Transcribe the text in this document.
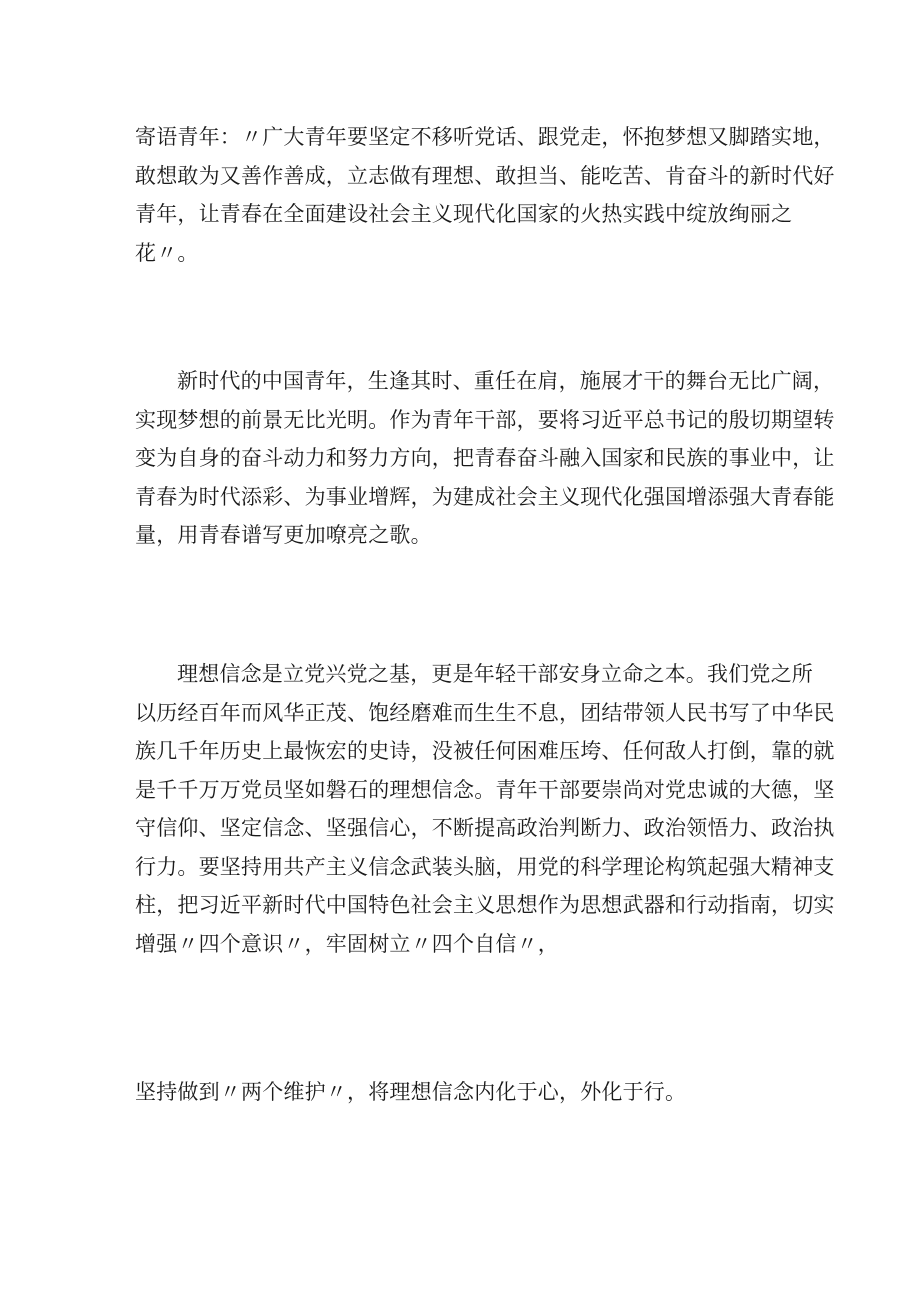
寄语青年：〃广大青年要坚定不移听党话、跟党走，怀抱梦想又脚踏实地，
敢想敢为又善作善成，立志做有理想、敢担当、能吃苦、肯奋斗的新时代好
青年，让青春在全面建设社会主义现代化国家的火热实践中绽放绚丽之
花〃。

新时代的中国青年，生逢其时、重任在肩，施展才干的舞台无比广阔，
实现梦想的前景无比光明。作为青年干部，要将习近平总书记的殷切期望转
变为自身的奋斗动力和努力方向，把青春奋斗融入国家和民族的事业中，让
青春为时代添彩、为事业增辉，为建成社会主义现代化强国增添强大青春能
量，用青春谱写更加嘹亮之歌。

理想信念是立党兴党之基，更是年轻干部安身立命之本。我们党之所
以历经百年而风华正茂、饱经磨难而生生不息，团结带领人民书写了中华民
族几千年历史上最恢宏的史诗，没被任何困难压垮、任何敌人打倒，靠的就
是千千万万党员坚如磐石的理想信念。青年干部要崇尚对党忠诚的大德，坚
守信仰、坚定信念、坚强信心，不断提高政治判断力、政治领悟力、政治执
行力。要坚持用共产主义信念武装头脑，用党的科学理论构筑起强大精神支
柱，把习近平新时代中国特色社会主义思想作为思想武器和行动指南，切实
增强〃四个意识〃，牢固树立〃四个自信〃，

坚持做到〃两个维护〃，将理想信念内化于心，外化于行。
